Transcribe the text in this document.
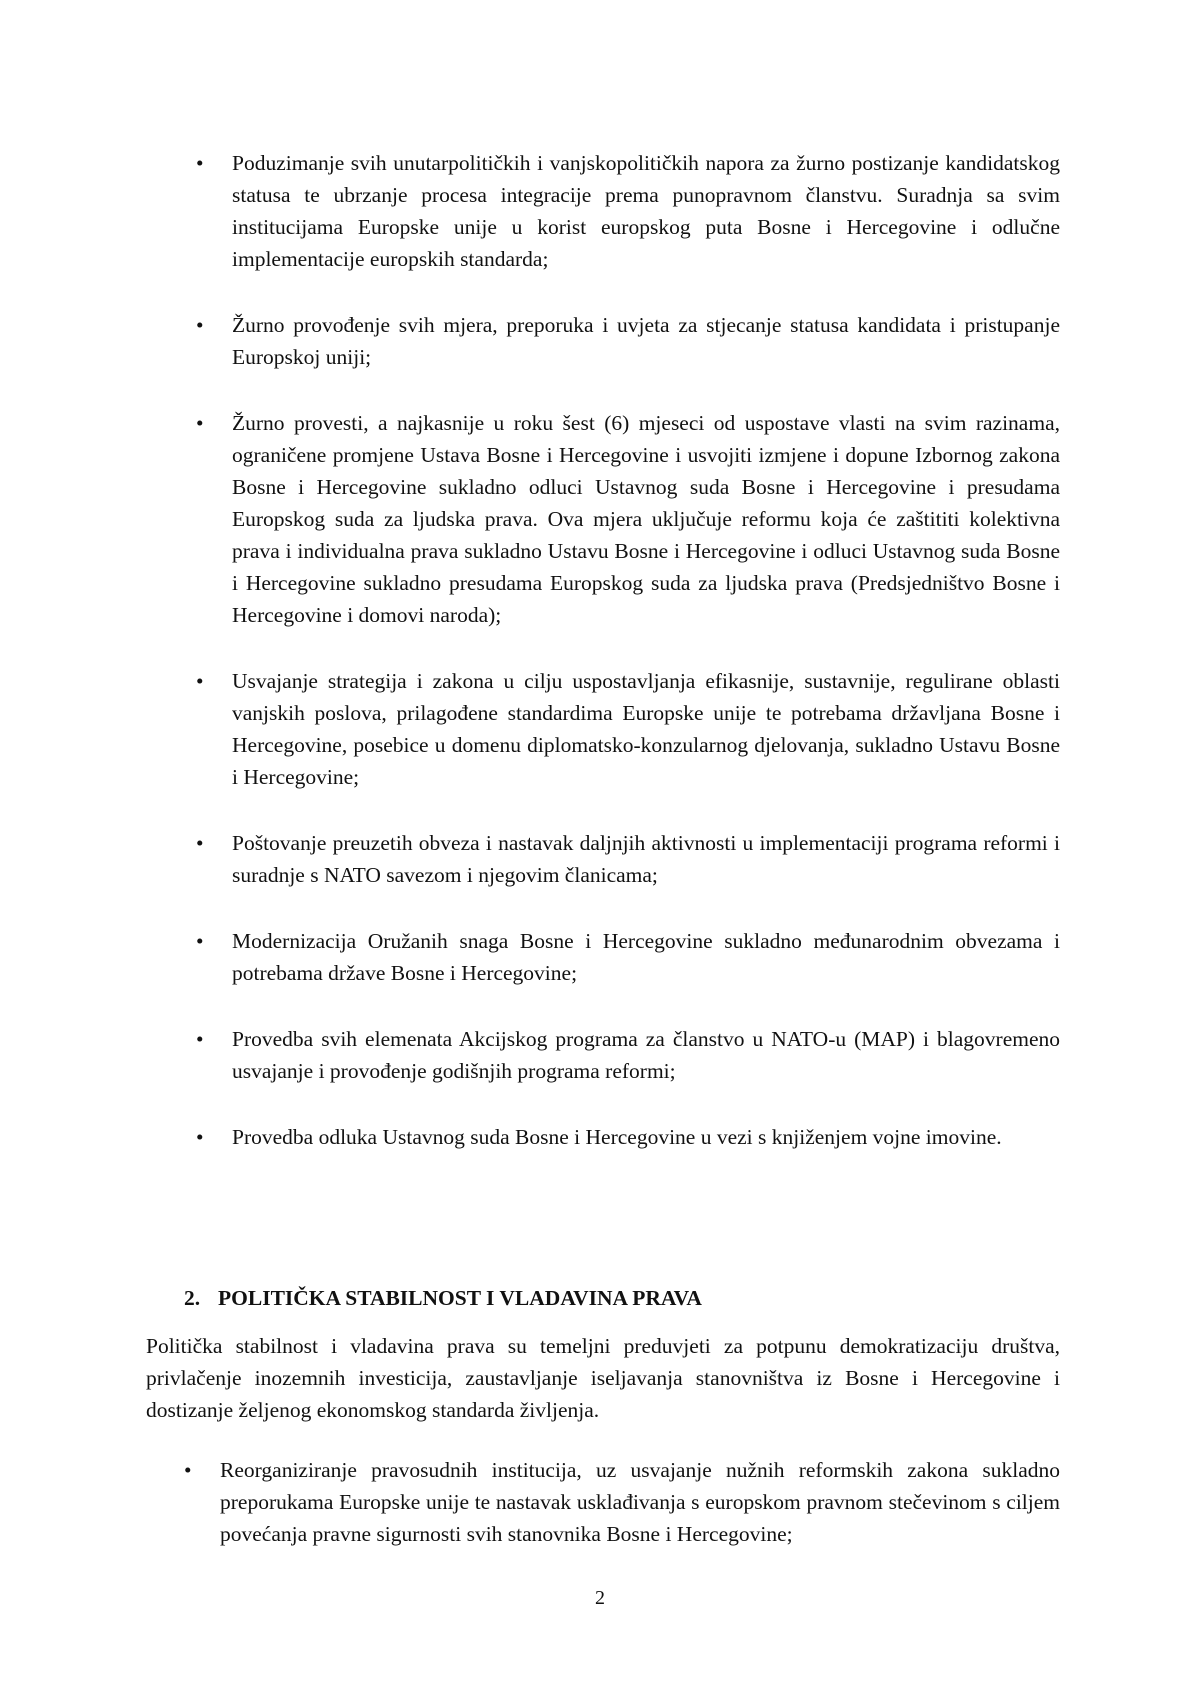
•	Poduzimanje svih unutarpolitičkih i vanjskopolitičkih napora za žurno postizanje kandidatskog statusa te ubrzanje procesa integracije prema punopravnom članstvu. Suradnja sa svim institucijama Europske unije u korist europskog puta Bosne i Hercegovine i odlučne implementacije europskih standarda;
•	Žurno provođenje svih mjera, preporuka i uvjeta za stjecanje statusa kandidata i pristupanje Europskoj uniji;
•	Žurno provesti, a najkasnije u roku šest (6) mjeseci od uspostave vlasti na svim razinama, ograničene promjene Ustava Bosne i Hercegovine i usvojiti izmjene i dopune Izbornog zakona Bosne i Hercegovine sukladno odluci Ustavnog suda Bosne i Hercegovine i presudama Europskog suda za ljudska prava. Ova mjera uključuje reformu koja će zaštititi kolektivna prava i individualna prava sukladno Ustavu Bosne i Hercegovine i odluci Ustavnog suda Bosne i Hercegovine sukladno presudama Europskog suda za ljudska prava (Predsjedništvo Bosne i Hercegovine i domovi naroda);
•	Usvajanje strategija i zakona u cilju uspostavljanja efikasnije, sustavnije, regulirane oblasti vanjskih poslova, prilagođene standardima Europske unije te potrebama državljana Bosne i Hercegovine, posebice u domenu diplomatsko-konzularnog djelovanja, sukladno Ustavu Bosne i Hercegovine;
•	Poštovanje preuzetih obveza i nastavak daljnjih aktivnosti u implementaciji programa reformi i suradnje s NATO savezom i njegovim članicama;
•	Modernizacija Oružanih snaga Bosne i Hercegovine sukladno međunarodnim obvezama i potrebama države Bosne i Hercegovine;
•	Provedba svih elemenata Akcijskog programa za članstvo u NATO-u (MAP) i blagovremeno usvajanje i provođenje godišnjih programa reformi;
•	Provedba odluka Ustavnog suda Bosne i Hercegovine u vezi s knjiženjem vojne imovine.
2. POLITIČKA STABILNOST I VLADAVINA PRAVA

Politička stabilnost i vladavina prava su temeljni preduvjeti za potpunu demokratizaciju društva, privlačenje inozemnih investicija, zaustavljanje iseljavanja stanovništva iz Bosne i Hercegovine i dostizanje željenog ekonomskog standarda življenja.

• Reorganiziranje pravosudnih institucija, uz usvajanje nužnih reformskih zakona sukladno preporukama Europske unije te nastavak usklađivanja s europskom pravnom stečevinom s ciljem povećanja pravne sigurnosti svih stanovnika Bosne i Hercegovine;

2
